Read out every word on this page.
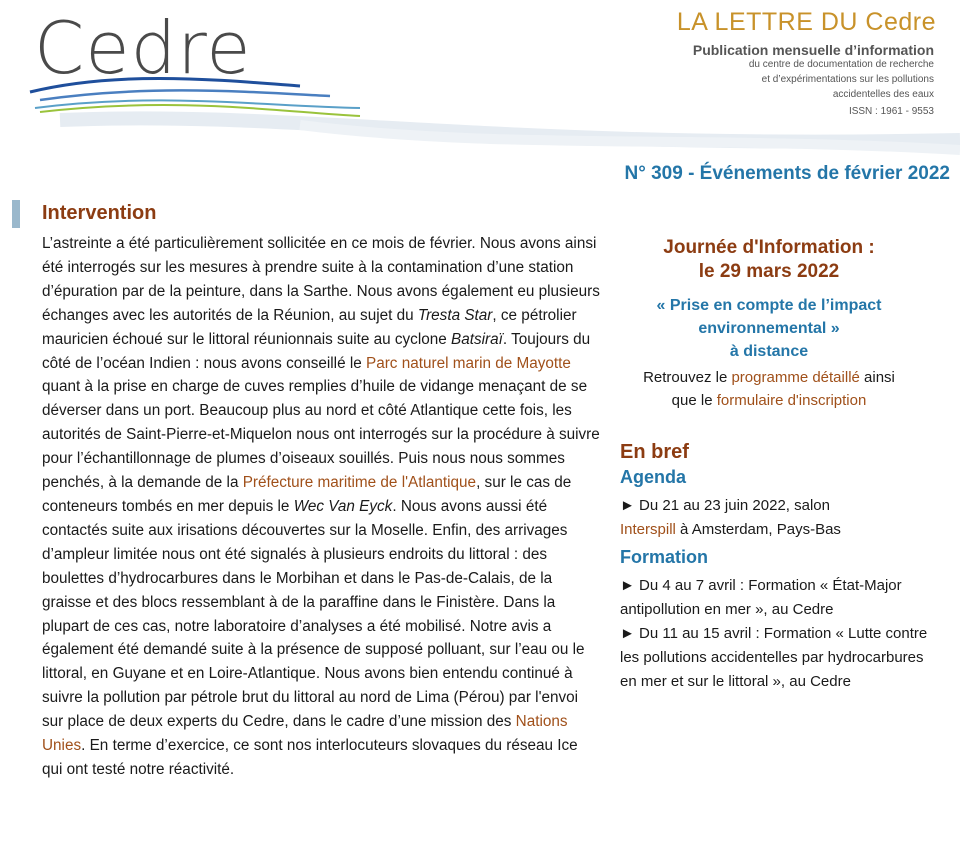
Cedre	LA LETTRE DU Cedre
Publication mensuelle d’information
du centre de documentation de recherche
et d’expérimentations sur les pollutions
accidentelles des eaux
ISSN : 1961 - 9553
N° 309 - Événements de février 2022
Intervention

L’astreinte a été particulièrement sollicitée en ce mois de février. Nous avons ainsi été interrogés sur les mesures à prendre suite à la contamination d’une station d’épuration par de la peinture, dans la Sarthe. Nous avons également eu plusieurs échanges avec les autorités de la Réunion, au sujet du Tresta Star, ce pétrolier mauricien échoué sur le littoral réunionnais suite au cyclone Batsiraï. Toujours du côté de l’océan Indien : nous avons conseillé le Parc naturel marin de Mayotte quant à la prise en charge de cuves remplies d’huile de vidange menaçant de se déverser dans un port. Beaucoup plus au nord et côté Atlantique cette fois, les autorités de Saint-Pierre-et-Miquelon nous ont interrogés sur la procédure à suivre pour l’échantillonnage de plumes d’oiseaux souillés. Puis nous nous sommes penchés, à la demande de la Préfecture maritime de l'Atlantique, sur le cas de conteneurs tombés en mer depuis le Wec Van Eyck. Nous avons aussi été contactés suite aux irisations découvertes sur la Moselle. Enfin, des arrivages d’ampleur limitée nous ont été signalés à plusieurs endroits du littoral : des boulettes d’hydrocarbures dans le Morbihan et dans le Pas-de-Calais, de la graisse et des blocs ressemblant à de la paraffine dans le Finistère. Dans la plupart de ces cas, notre laboratoire d’analyses a été mobilisé. Notre avis a également été demandé suite à la présence de supposé polluant, sur l’eau ou le littoral, en Guyane et en Loire-Atlantique. Nous avons bien entendu continué à suivre la pollution par pétrole brut du littoral au nord de Lima (Pérou) par l'envoi sur place de deux experts du Cedre, dans le cadre d’une mission des Nations Unies. En terme d’exercice, ce sont nos interlocuteurs slovaques du réseau Ice qui ont testé notre réactivité.

Journée d'Information :
le 29 mars 2022

« Prise en compte de l’impact
environnemental »
à distance

Retrouvez le programme détaillé ainsi
que le formulaire d'inscription

En bref

Agenda

► Du 21 au 23 juin 2022, salon
Interspill à Amsterdam, Pays-Bas

Formation

► Du 4 au 7 avril : Formation « État-Major antipollution en mer », au Cedre

► Du 11 au 15 avril : Formation « Lutte contre les pollutions accidentelles par hydrocarbures en mer et sur le littoral », au Cedre
